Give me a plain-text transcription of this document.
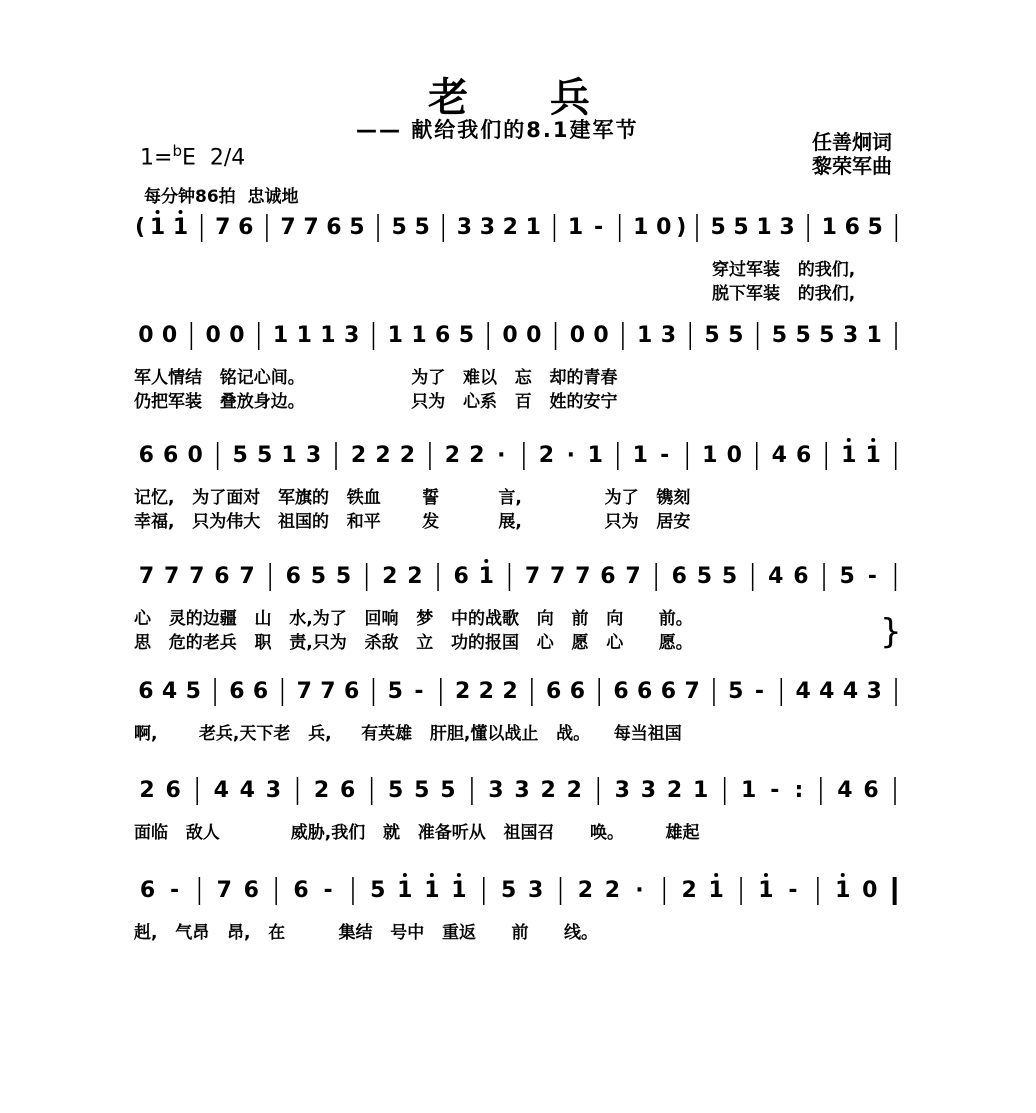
老  兵
—— 献给我们的8.1建军节
1=$^b$E  2/4
任善炯词
黎荣军曲
每分钟86拍  忠诚地
( 1 1 7 6 7 7 6 5 5 5 3 3 2 1 1 - 1 0 ) 5 5 1 3 1 6 5
穿过军装   的我们,
脱下军装   的我们,
0 0 0 0 1 1 1 3 1 1 6 5 0 0 0 0 1 3 5 5 5 5 5 3 1
军人情结   铭记心间。                  为了   难以   忘   却的青春
仍把军装   叠放身边。                  只为   心系   百   姓的安宁
6 6 0 5 5 1 3 2 2 2 2 2 · 2 · 1 1 - 1 0 4 6 1 1
记忆,   为了面对   军旗的   铁血       誓          言,              为了   镌刻
幸福,   只为伟大   祖国的   和平       发          展,              只为   居安
7 7 7 6 7 6 5 5 2 2 6 1 7 7 7 6 7 6 5 5 4 6 5 -
心   灵的边疆   山   水,为了   回响   梦   中的战歌   向   前   向      前。
思   危的老兵   职   责,只为   杀敌   立   功的报国   心   愿   心      愿。	}
6 4 5 6 6 7 7 6 5 - 2 2 2 6 6 6 6 6 7 5 - 4 4 4 3
啊,       老兵,天下老   兵,     有英雄   肝胆,懂以战止   战。    每当祖国
2 6 4 4 3 2 6 5 5 5 3 3 2 2 3 3 2 1 1 - : 4 6
面临   敌人            威胁,我们   就   准备听从   祖国召      唤。       雄起
6 - 7 6 6 - 5 1 1 1 5 3 2 2 · 2 1 1 - 1 0
赳,   气昂   昂,   在         集结   号中   重返      前      线。
